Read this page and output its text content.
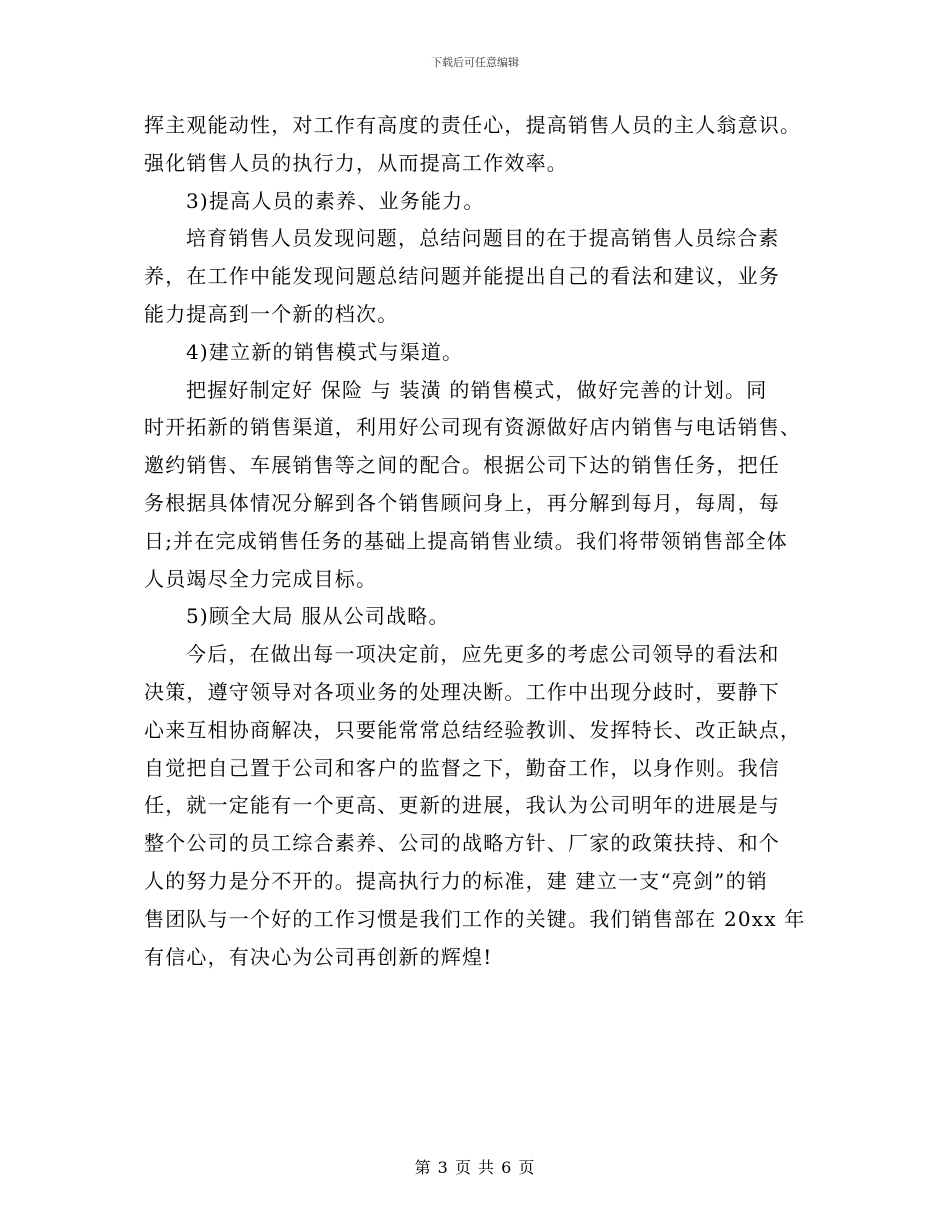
下载后可任意编辑
挥主观能动性，对工作有高度的责任心，提高销售人员的主人翁意识。
强化销售人员的执行力，从而提高工作效率。
3)提高人员的素养、业务能力。
培育销售人员发现问题，总结问题目的在于提高销售人员综合素
养，在工作中能发现问题总结问题并能提出自己的看法和建议，业务
能力提高到一个新的档次。
4)建立新的销售模式与渠道。
把握好制定好 保险 与 装潢 的销售模式，做好完善的计划。同
时开拓新的销售渠道，利用好公司现有资源做好店内销售与电话销售、
邀约销售、车展销售等之间的配合。根据公司下达的销售任务，把任
务根据具体情况分解到各个销售顾问身上，再分解到每月，每周，每
日;并在完成销售任务的基础上提高销售业绩。我们将带领销售部全体
人员竭尽全力完成目标。
5)顾全大局 服从公司战略。
今后，在做出每一项决定前，应先更多的考虑公司领导的看法和
决策，遵守领导对各项业务的处理决断。工作中出现分歧时，要静下
心来互相协商解决，只要能常常总结经验教训、发挥特长、改正缺点，
自觉把自己置于公司和客户的监督之下，勤奋工作，以身作则。我信
任，就一定能有一个更高、更新的进展，我认为公司明年的进展是与
整个公司的员工综合素养、公司的战略方针、厂家的政策扶持、和个
人的努力是分不开的。提高执行力的标准，建 建立一支“亮剑”的销
售团队与一个好的工作习惯是我们工作的关键。我们销售部在 20xx 年
有信心，有决心为公司再创新的辉煌!
第 3 页 共 6 页
